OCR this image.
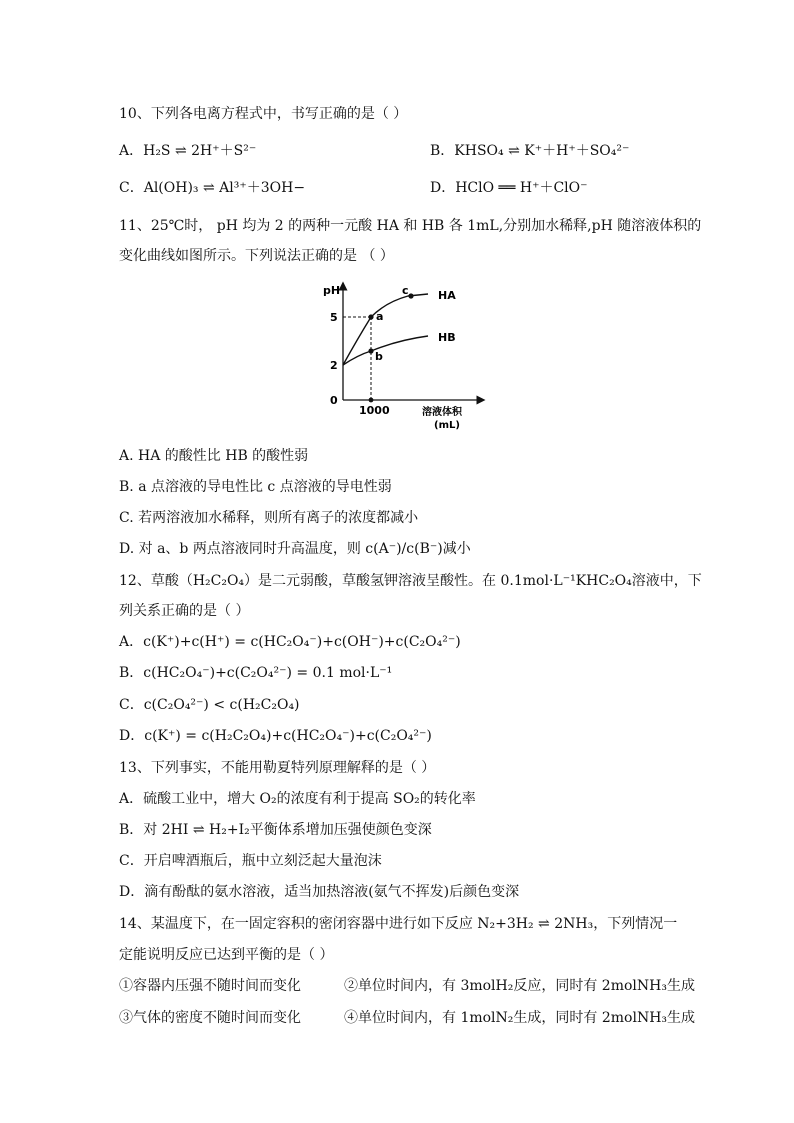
10、下列各电离方程式中，书写正确的是（ ）
A．H₂S ⇌ 2H⁺＋S²⁻	B．KHSO₄ ⇌ K⁺＋H⁺＋SO₄²⁻
C．Al(OH)₃ ⇌ Al³⁺＋3OH−	D．HClO ══ H⁺＋ClO⁻
11、25℃时， pH 均为 2 的两种一元酸 HA 和 HB 各 1mL,分别加水稀释,pH 随溶液体积的
变化曲线如图所示。下列说法正确的是 （ ）
pH
5
2
0
1000
a
b
c	HA
HB
溶液体积
(mL)
A. HA 的酸性比 HB 的酸性弱
B. a 点溶液的导电性比 c 点溶液的导电性弱
C. 若两溶液加水稀释，则所有离子的浓度都减小
D. 对 a、b 两点溶液同时升高温度，则 c(A⁻)/c(B⁻)减小
12、草酸（H₂C₂O₄）是二元弱酸，草酸氢钾溶液呈酸性。在 0.1mol·L⁻¹KHC₂O₄溶液中，下
列关系正确的是（ ）
A．c(K⁺)+c(H⁺) = c(HC₂O₄⁻)+c(OH⁻)+c(C₂O₄²⁻)
B．c(HC₂O₄⁻)+c(C₂O₄²⁻) = 0.1 mol·L⁻¹
C．c(C₂O₄²⁻) < c(H₂C₂O₄)
D．c(K⁺) = c(H₂C₂O₄)+c(HC₂O₄⁻)+c(C₂O₄²⁻)
13、下列事实，不能用勒夏特列原理解释的是（ ）
A．硫酸工业中，增大 O₂的浓度有利于提高 SO₂的转化率
B．对 2HI ⇌ H₂+I₂平衡体系增加压强使颜色变深
C．开启啤酒瓶后，瓶中立刻泛起大量泡沫
D．滴有酚酞的氨水溶液，适当加热溶液(氨气不挥发)后颜色变深
14、某温度下，在一固定容积的密闭容器中进行如下反应 N₂+3H₂ ⇌ 2NH₃，下列情况一
定能说明反应已达到平衡的是（ ）
①容器内压强不随时间而变化	②单位时间内，有 3molH₂反应，同时有 2molNH₃生成
③气体的密度不随时间而变化	④单位时间内，有 1molN₂生成，同时有 2molNH₃生成
